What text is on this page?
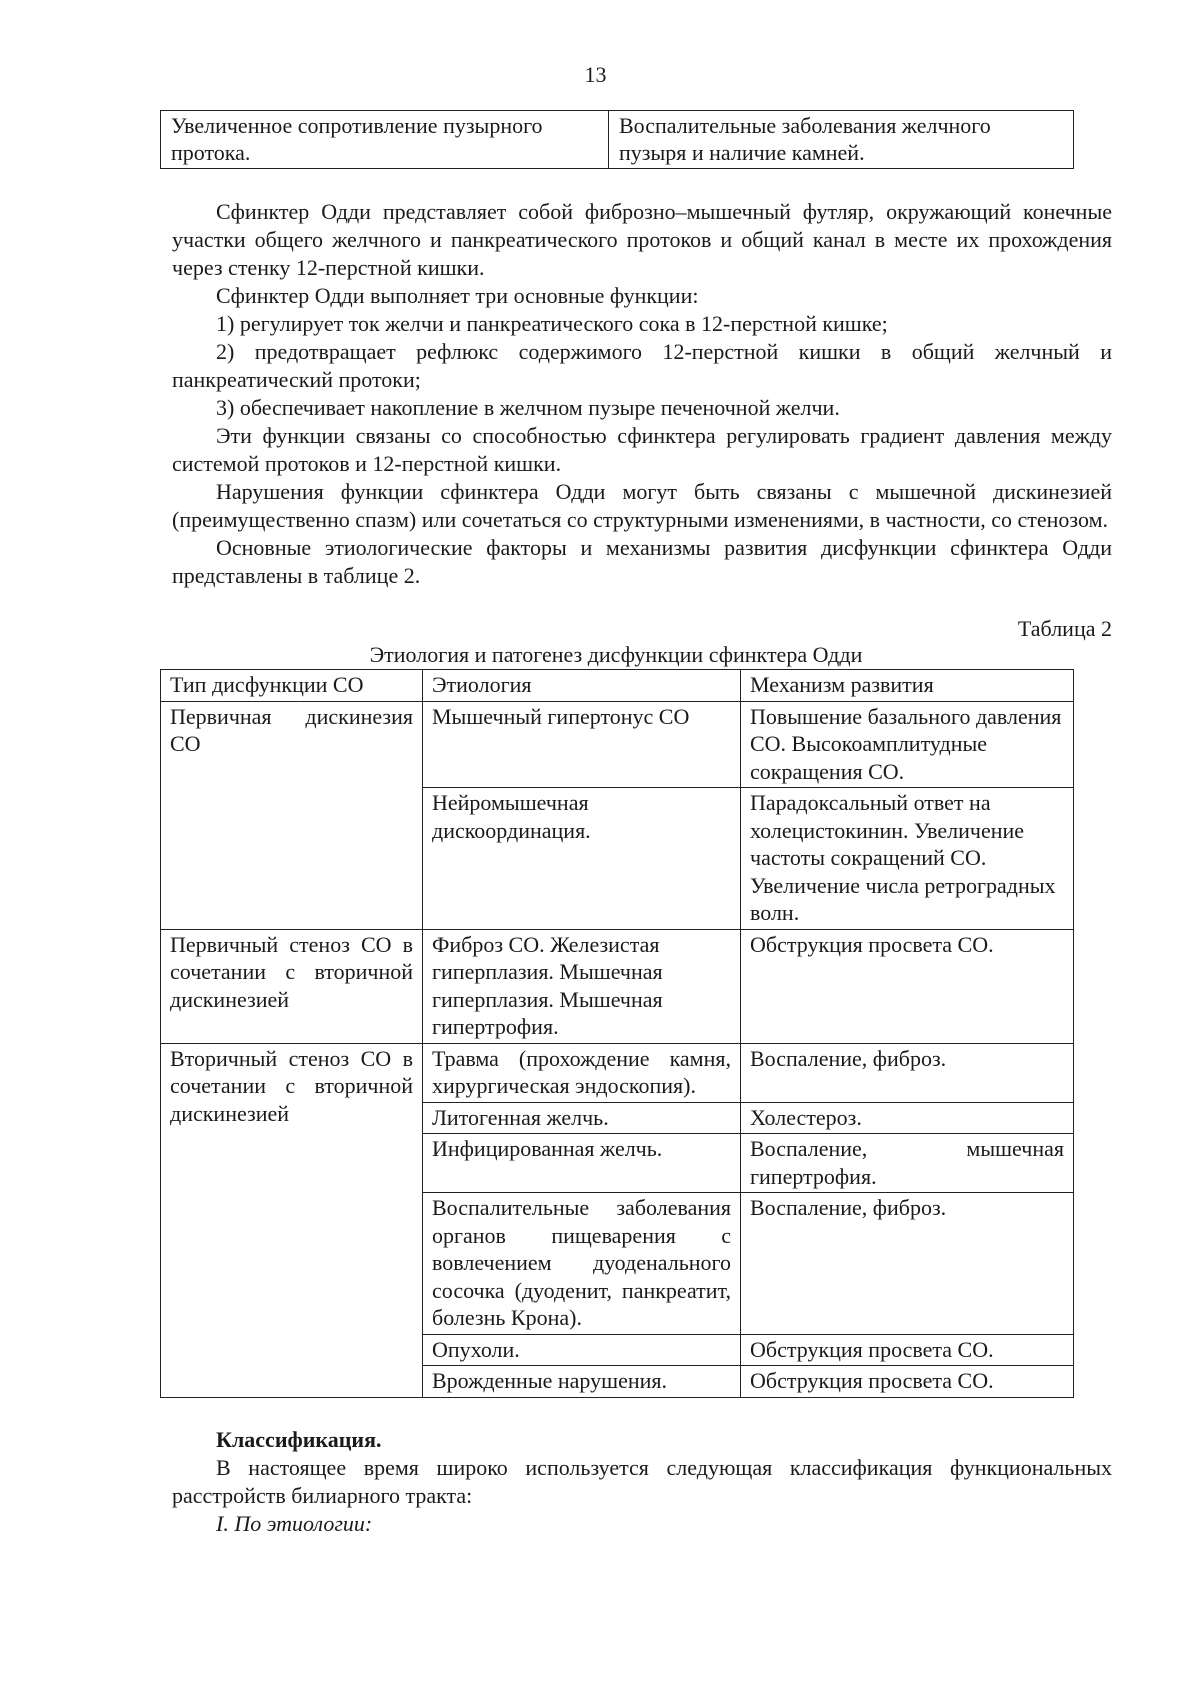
13
Увеличенное сопротивление пузырного протока.	Воспалительные заболевания желчного пузыря и наличие камней.

Сфинктер Одди представляет собой фиброзно–мышечный футляр, окружающий конечные участки общего желчного и панкреатического протоков и общий канал в месте их прохождения через стенку 12-перстной кишки.

Сфинктер Одди выполняет три основные функции:

1) регулирует ток желчи и панкреатического сока в 12-перстной кишке;

2) предотвращает рефлюкс содержимого 12-перстной кишки в общий желчный и панкреатический протоки;

3) обеспечивает накопление в желчном пузыре печеночной желчи.

Эти функции связаны со способностью сфинктера регулировать градиент давления между системой протоков и 12-перстной кишки.

Нарушения функции сфинктера Одди могут быть связаны с мышечной дискинезией (преимущественно спазм) или сочетаться со структурными изменениями, в частности, со стенозом.

Основные этиологические факторы и механизмы развития дисфункции сфинктера Одди представлены в таблице 2.

Таблица 2
Этиология и патогенез дисфункции сфинктера Одди
Тип дисфункции СО	Этиология	Механизм развития
Первичная дискинезия СО	Мышечный гипертонус СО	Повышение базального давления СО. Высокоамплитудные сокращения СО.
	Нейромышечная дискоординация.	Парадоксальный ответ на холецистокинин. Увеличение частоты сокращений СО. Увеличение числа ретроградных волн.
Первичный стеноз СО в сочетании с вторичной дискинезией	Фиброз СО. Железистая гиперплазия. Мышечная гиперплазия. Мышечная гипертрофия.	Обструкция просвета СО.
Вторичный стеноз СО в сочетании с вторичной дискинезией	Травма (прохождение камня, хирургическая эндоскопия).	Воспаление, фиброз.
	Литогенная желчь.	Холестероз.
	Инфицированная желчь.	Воспаление, мышечная гипертрофия.
	Воспалительные заболевания органов пищеварения с вовлечением дуоденального сосочка (дуоденит, панкреатит, болезнь Крона).	Воспаление, фиброз.
	Опухоли.	Обструкция просвета СО.
	Врожденные нарушения.	Обструкция просвета СО.

Классификация.

В настоящее время широко используется следующая классификация функциональных расстройств билиарного тракта:

I. По этиологии:
